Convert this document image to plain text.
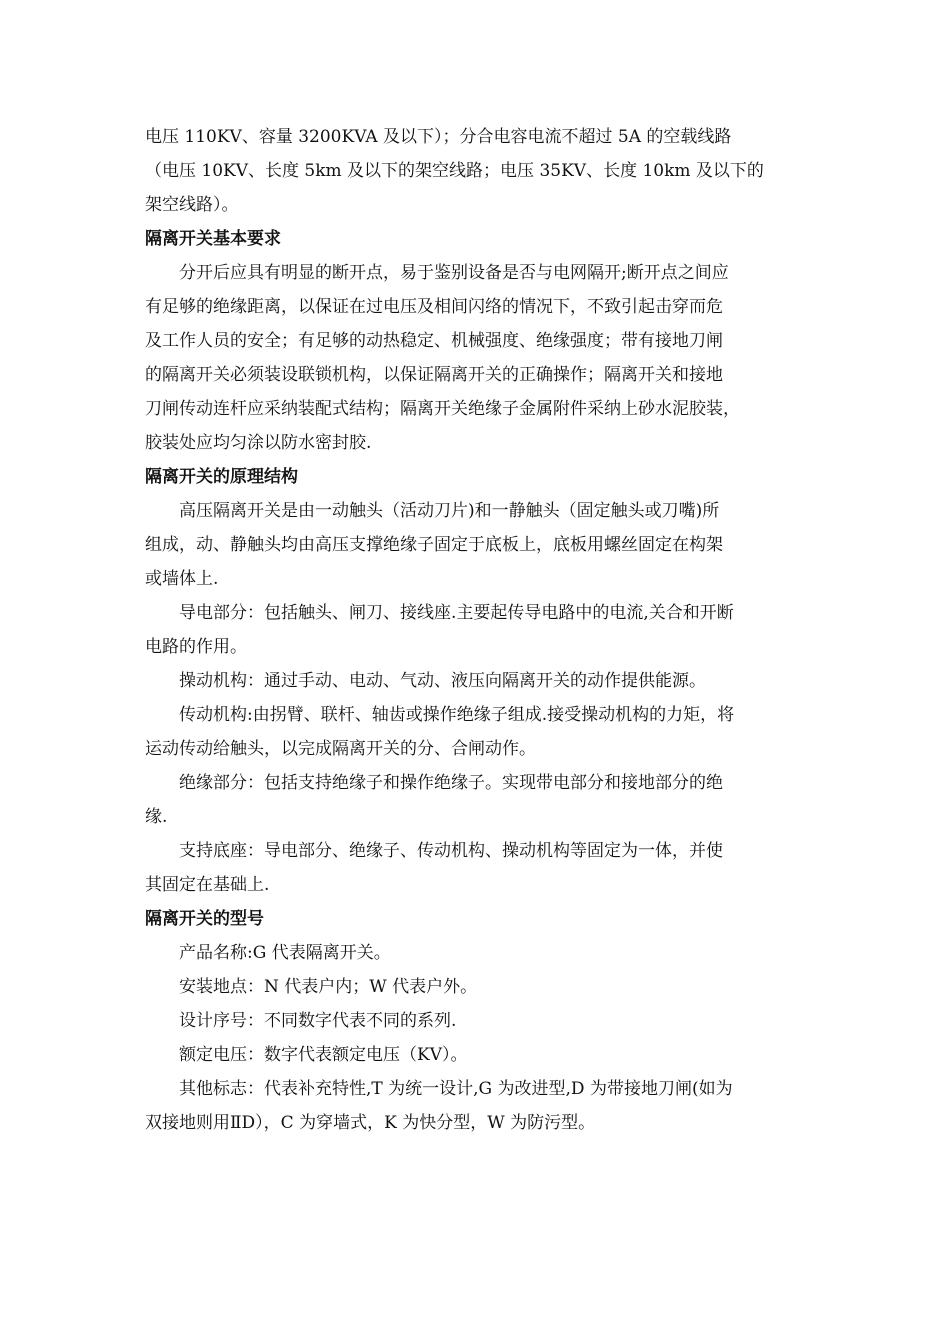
电压 110KV、容量 3200KVA 及以下）；分合电容电流不超过 5A 的空载线路
（电压 10KV、长度 5km 及以下的架空线路；电压 35KV、长度 10km 及以下的
架空线路）。
隔离开关基本要求
分开后应具有明显的断开点，易于鉴别设备是否与电网隔开;断开点之间应
有足够的绝缘距离，以保证在过电压及相间闪络的情况下，不致引起击穿而危
及工作人员的安全；有足够的动热稳定、机械强度、绝缘强度；带有接地刀闸
的隔离开关必须装设联锁机构，以保证隔离开关的正确操作；隔离开关和接地
刀闸传动连杆应采纳装配式结构；隔离开关绝缘子金属附件采纳上砂水泥胶装，
胶装处应均匀涂以防水密封胶.
隔离开关的原理结构
高压隔离开关是由一动触头（活动刀片)和一静触头（固定触头或刀嘴)所
组成，动、静触头均由高压支撑绝缘子固定于底板上，底板用螺丝固定在构架
或墙体上.
导电部分：包括触头、闸刀、接线座.主要起传导电路中的电流,关合和开断
电路的作用。
操动机构：通过手动、电动、气动、液压向隔离开关的动作提供能源。
传动机构:由拐臂、联杆、轴齿或操作绝缘子组成.接受操动机构的力矩，将
运动传动给触头，以完成隔离开关的分、合闸动作。
绝缘部分：包括支持绝缘子和操作绝缘子。实现带电部分和接地部分的绝
缘.
支持底座：导电部分、绝缘子、传动机构、操动机构等固定为一体，并使
其固定在基础上.
隔离开关的型号
产品名称:G 代表隔离开关。
安装地点：N 代表户内；W 代表户外。
设计序号：不同数字代表不同的系列.
额定电压：数字代表额定电压（KV）。
其他标志：代表补充特性,T 为统一设计,G 为改进型,D 为带接地刀闸(如为
双接地则用ⅡD），C 为穿墙式，K 为快分型，W 为防污型。
